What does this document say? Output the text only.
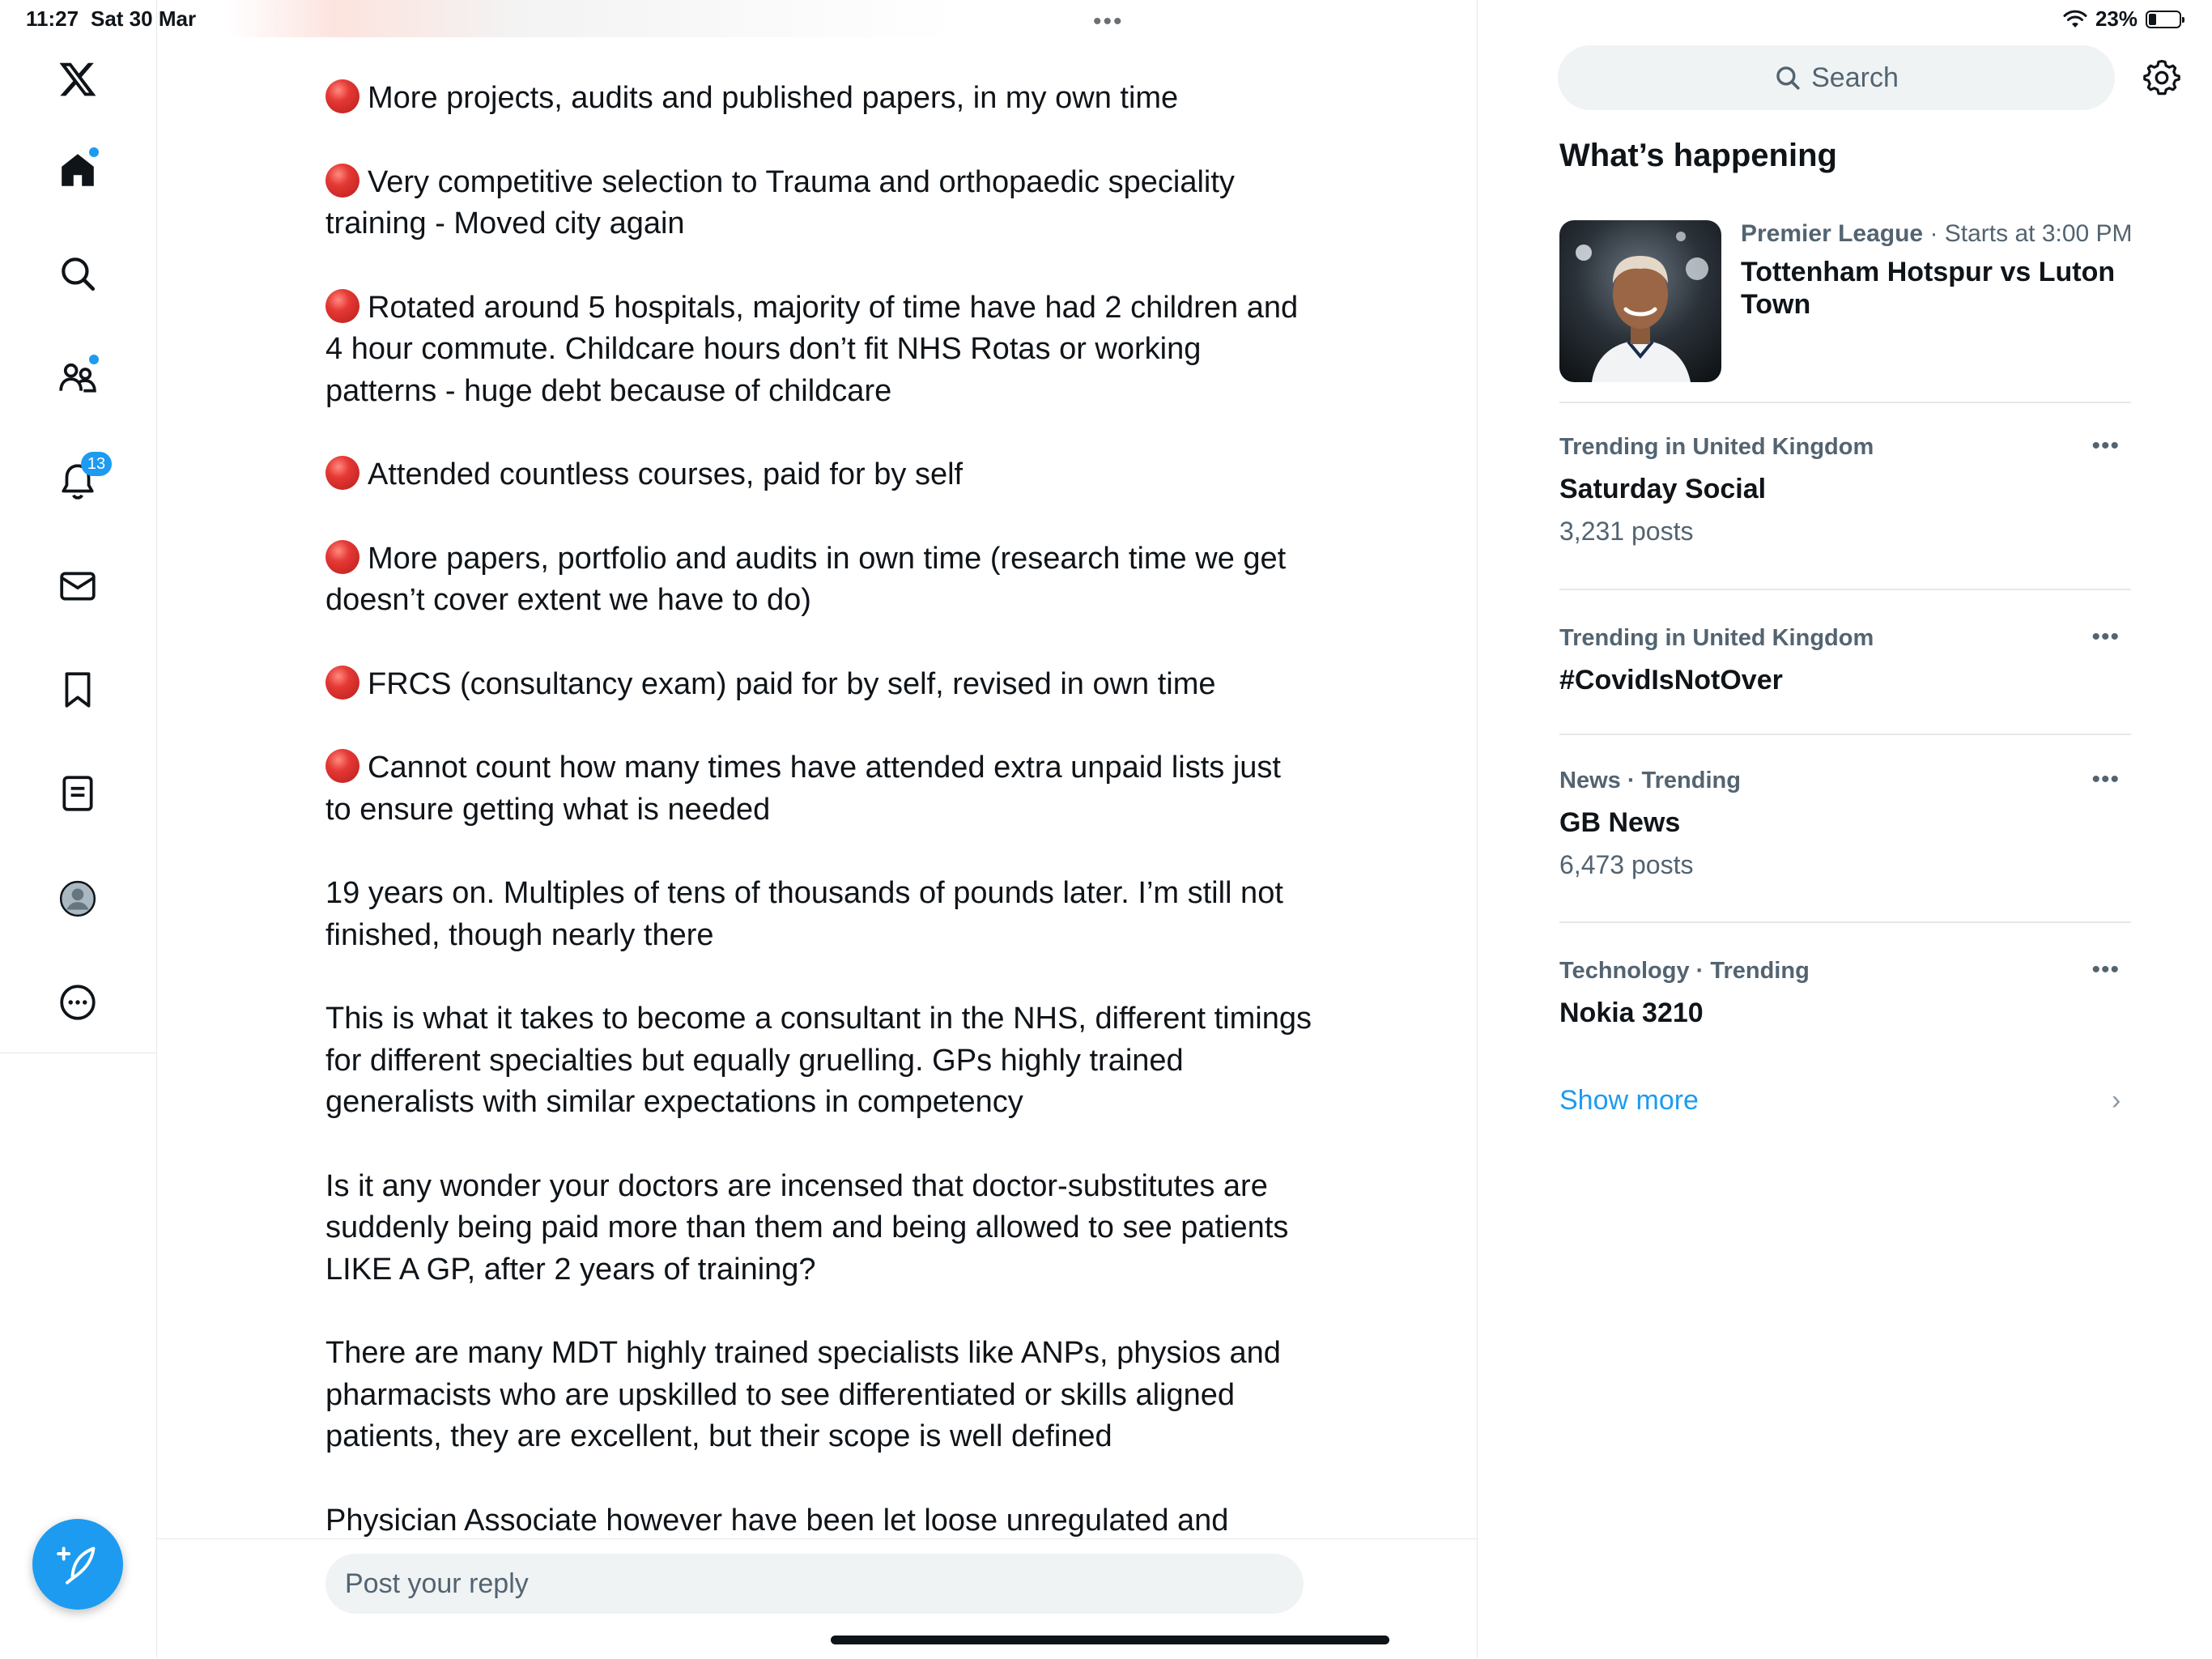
11:27 Sat 30 Mar	•••	23%
13

More projects, audits and published papers, in my own time

Very competitive selection to Trauma and orthopaedic speciality training - Moved city again

Rotated around 5 hospitals, majority of time have had 2 children and 4 hour commute. Childcare hours don’t fit NHS Rotas or working patterns - huge debt because of childcare

Attended countless courses, paid for by self

More papers, portfolio and audits in own time (research time we get doesn’t cover extent we have to do)

FRCS (consultancy exam) paid for by self, revised in own time

Cannot count how many times have attended extra unpaid lists just to ensure getting what is needed

19 years on. Multiples of tens of thousands of pounds later. I’m still not finished, though nearly there

This is what it takes to become a consultant in the NHS, different timings for different specialties but equally gruelling. GPs highly trained generalists with similar expectations in competency

Is it any wonder your doctors are incensed that doctor-substitutes are suddenly being paid more than them and being allowed to see patients LIKE A GP, after 2 years of training?

There are many MDT highly trained specialists like ANPs, physios and pharmacists who are upskilled to see differentiated or skills aligned patients, they are excellent, but their scope is well defined

Physician Associate however have been let loose unregulated and

Post your reply
Search
What’s happening
Premier League · Starts at 3:00 PM
Tottenham Hotspur vs Luton Town
Trending in United Kingdom
Saturday Social
3,231 posts
•••
Trending in United Kingdom
#CovidIsNotOver
•••
News · Trending
GB News
6,473 posts
•••
Technology · Trending
Nokia 3210
•••
Show more	›
